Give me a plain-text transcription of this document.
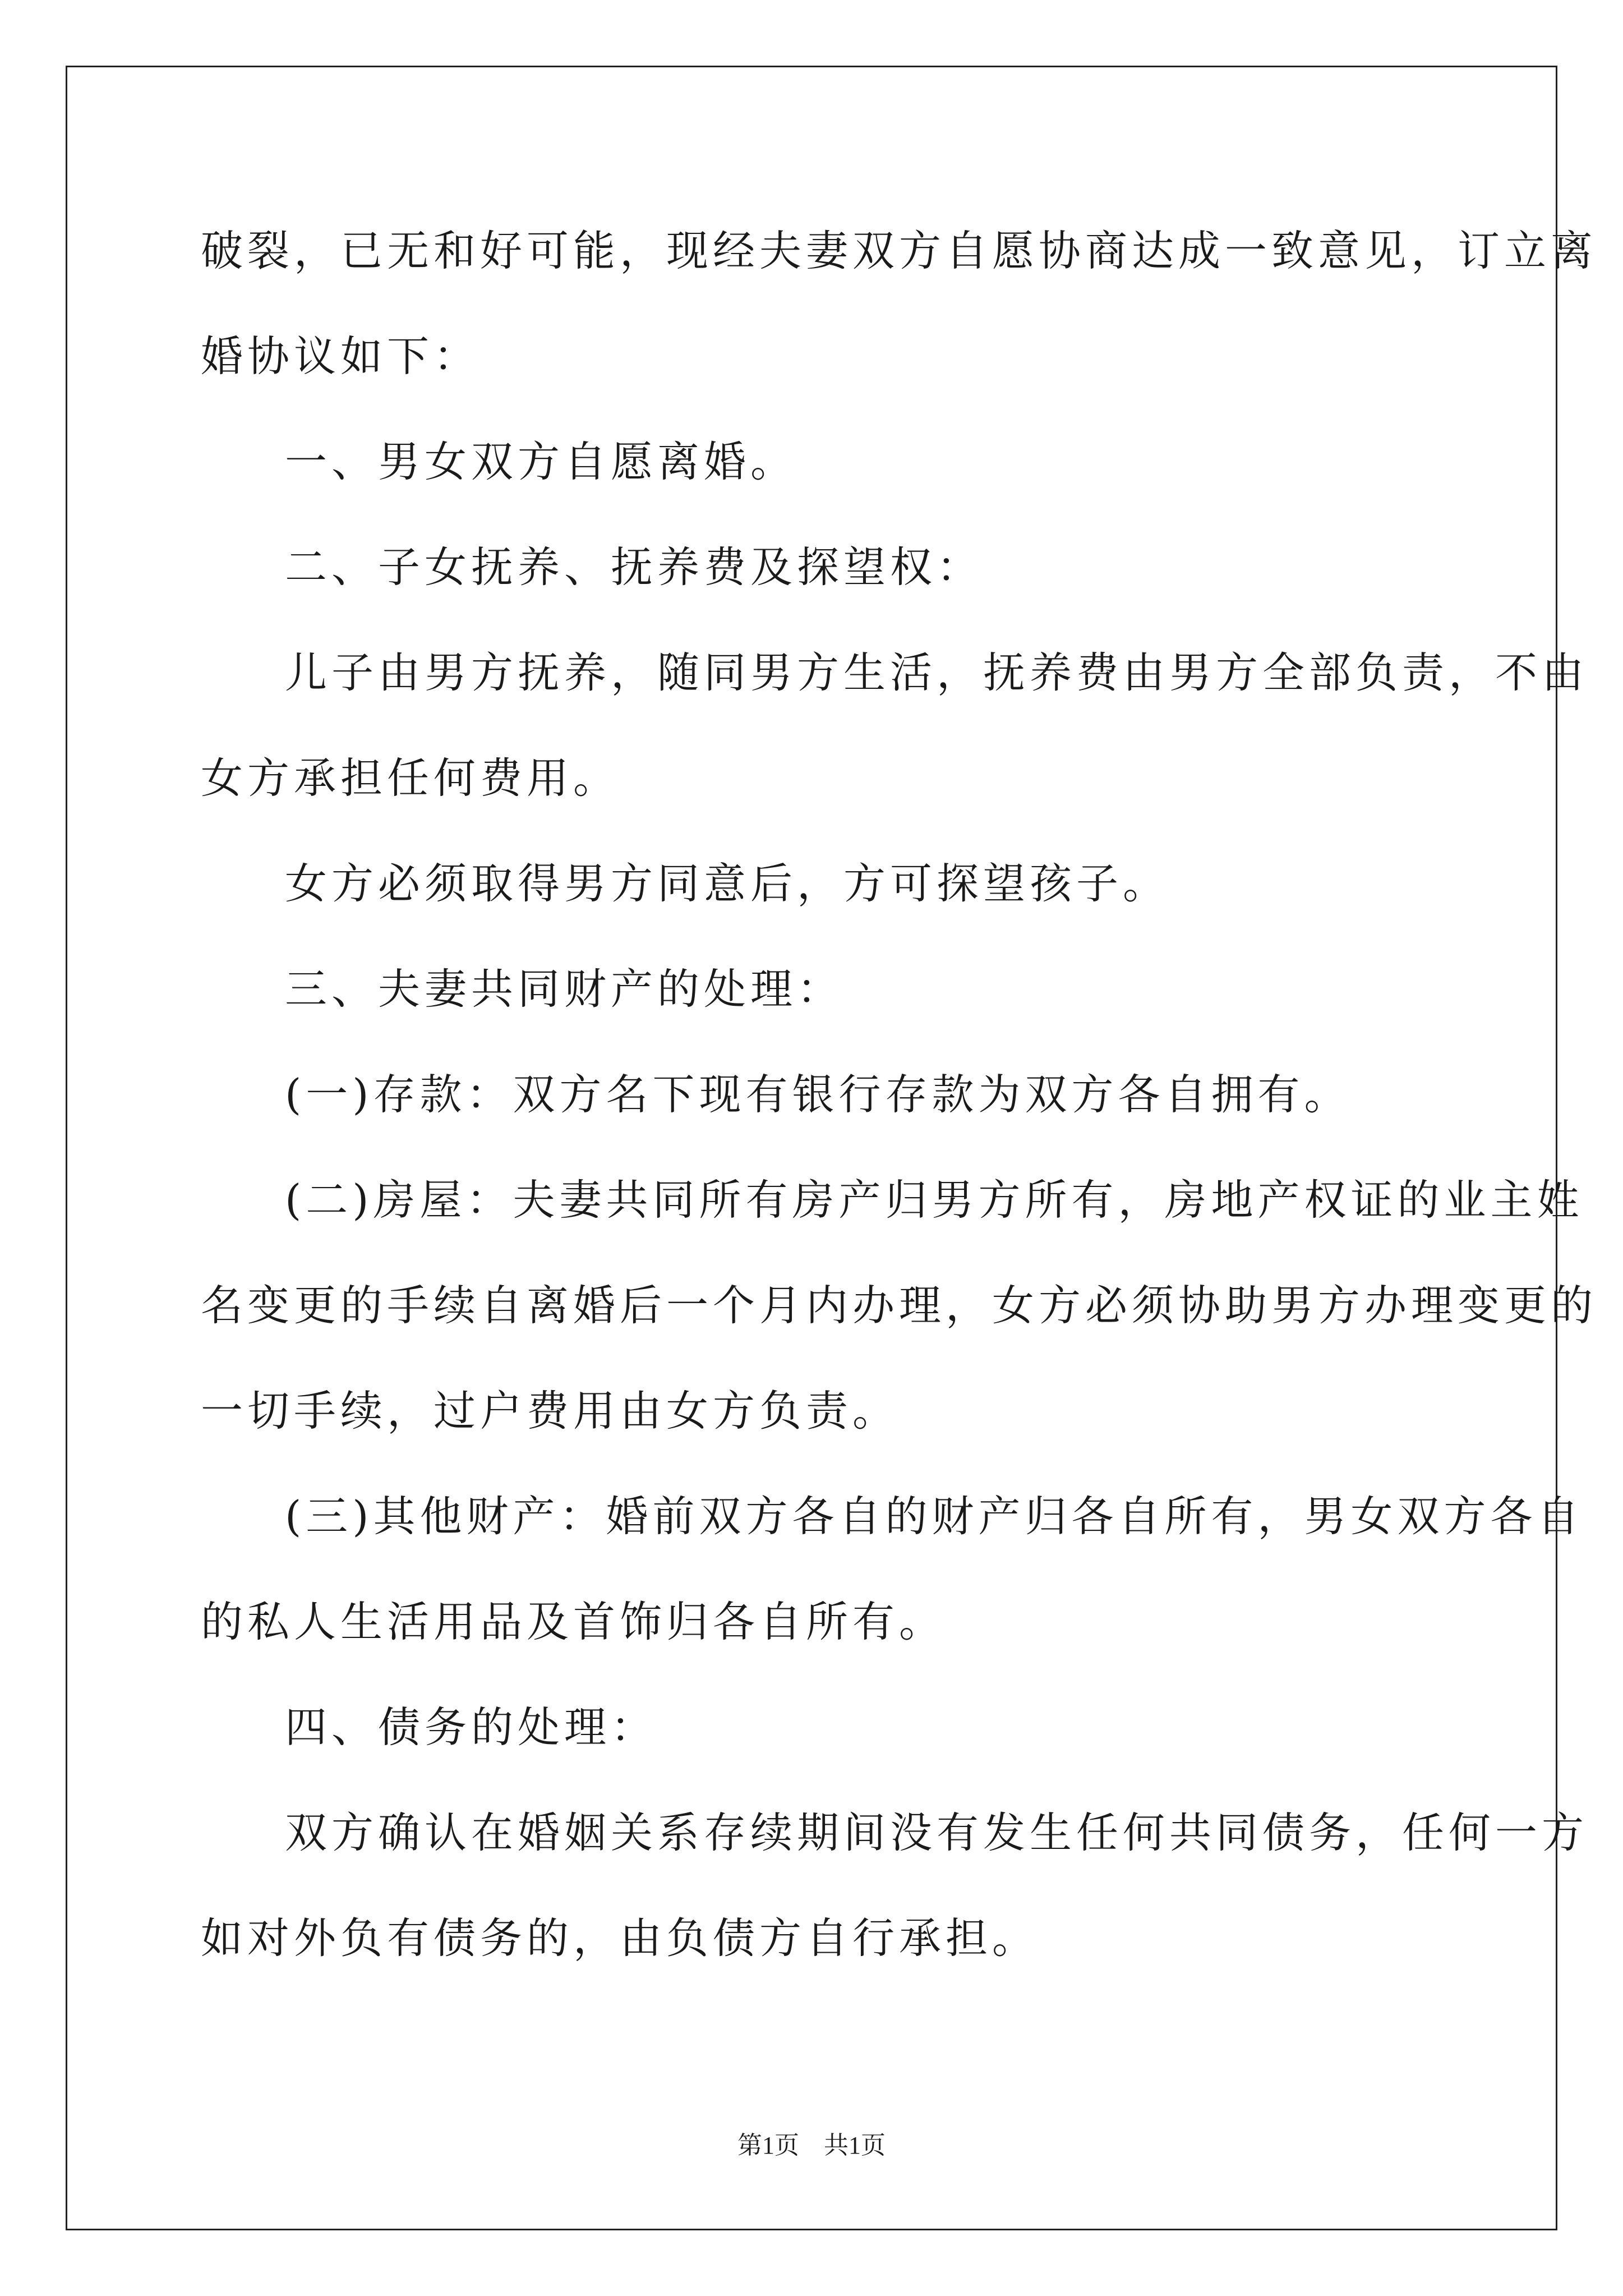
破裂，已无和好可能，现经夫妻双方自愿协商达成一致意见，订立离
婚协议如下：
一、男女双方自愿离婚。
二、子女抚养、抚养费及探望权：
儿子由男方抚养，随同男方生活，抚养费由男方全部负责，不由
女方承担任何费用。
女方必须取得男方同意后，方可探望孩子。
三、夫妻共同财产的处理：
(一)存款：双方名下现有银行存款为双方各自拥有。
(二)房屋：夫妻共同所有房产归男方所有，房地产权证的业主姓
名变更的手续自离婚后一个月内办理，女方必须协助男方办理变更的
一切手续，过户费用由女方负责。
(三)其他财产：婚前双方各自的财产归各自所有，男女双方各自
的私人生活用品及首饰归各自所有。
四、债务的处理：
双方确认在婚姻关系存续期间没有发生任何共同债务，任何一方
如对外负有债务的，由负债方自行承担。
第1页　共1页
